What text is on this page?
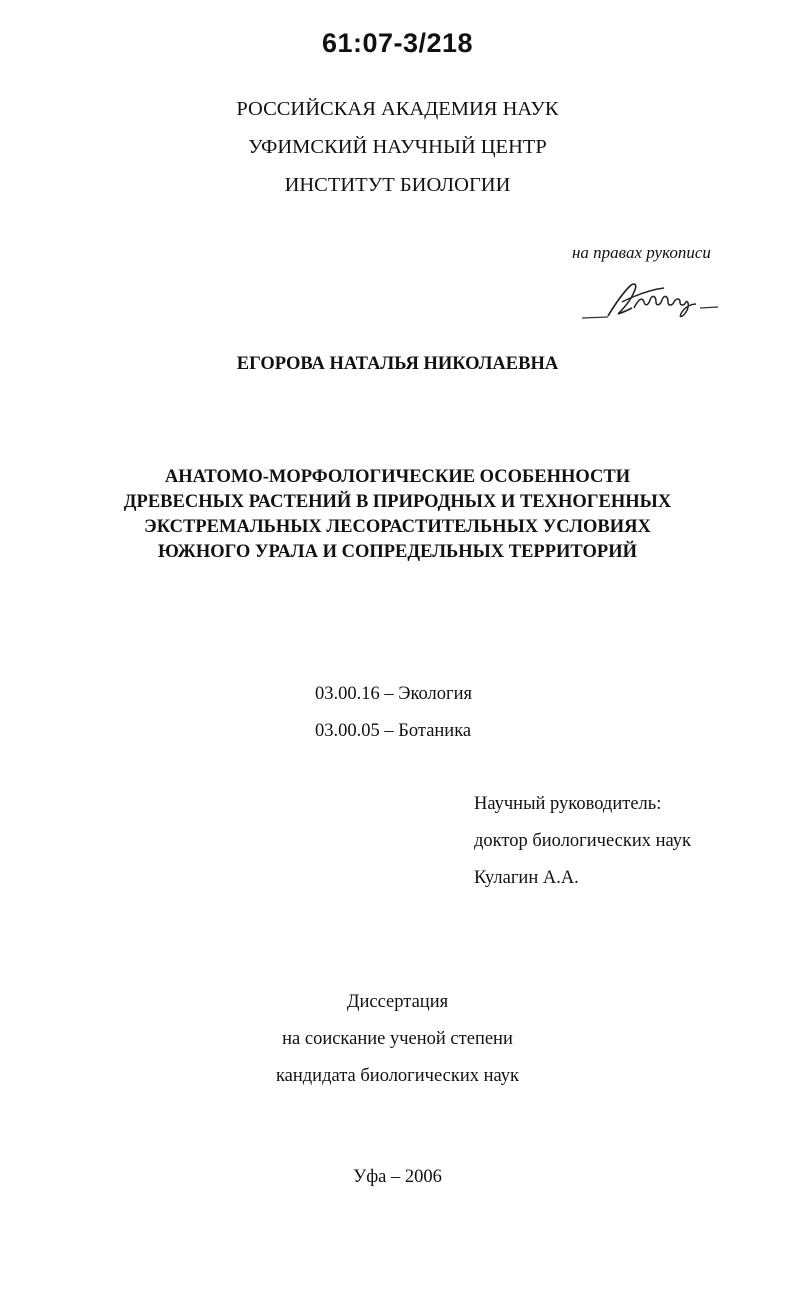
61:07-3/218
РОССИЙСКАЯ АКАДЕМИЯ НАУК
УФИМСКИЙ НАУЧНЫЙ ЦЕНТР
ИНСТИТУТ БИОЛОГИИ
на правах рукописи
ЕГОРОВА НАТАЛЬЯ НИКОЛАЕВНА
АНАТОМО-МОРФОЛОГИЧЕСКИЕ ОСОБЕННОСТИ
ДРЕВЕСНЫХ РАСТЕНИЙ В ПРИРОДНЫХ И ТЕХНОГЕННЫХ
ЭКСТРЕМАЛЬНЫХ ЛЕСОРАСТИТЕЛЬНЫХ УСЛОВИЯХ
ЮЖНОГО УРАЛА И СОПРЕДЕЛЬНЫХ ТЕРРИТОРИЙ
03.00.16 – Экология
03.00.05 – Ботаника
Научный руководитель:
доктор биологических наук
Кулагин А.А.
Диссертация
на соискание ученой степени
кандидата биологических наук
Уфа – 2006
